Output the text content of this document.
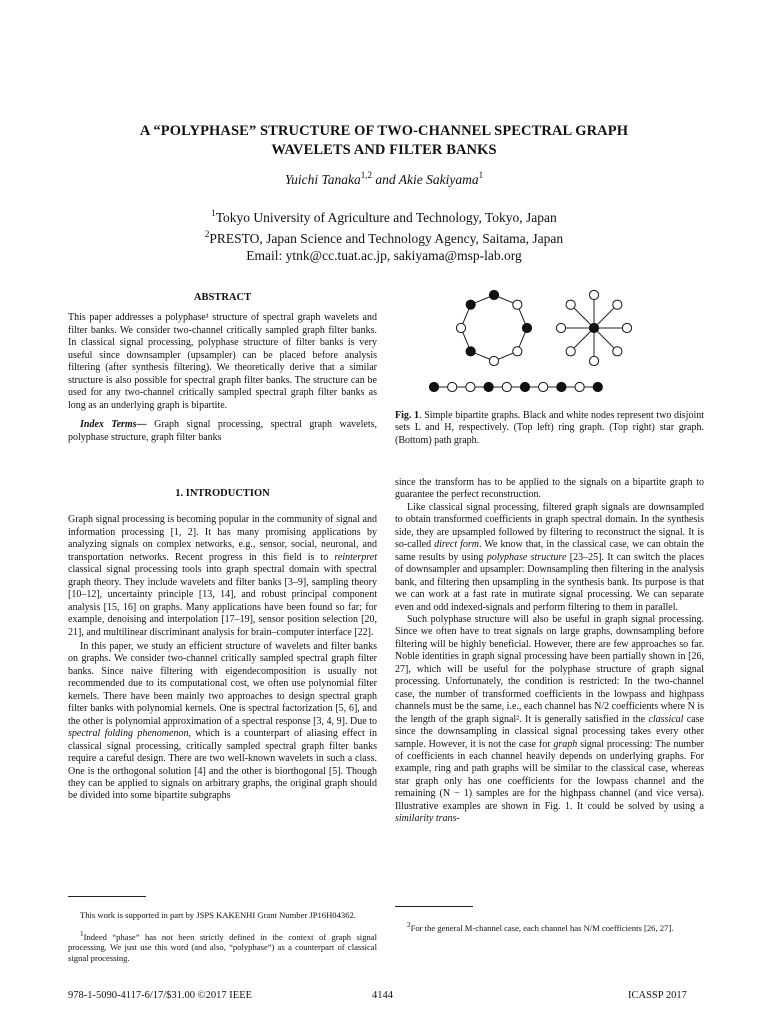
A “POLYPHASE” STRUCTURE OF TWO-CHANNEL SPECTRAL GRAPH
WAVELETS AND FILTER BANKS
Yuichi Tanaka$^{1,2}$ and Akie Sakiyama$^1$
$^1$Tokyo University of Agriculture and Technology, Tokyo, Japan
$^2$PRESTO, Japan Science and Technology Agency, Saitama, Japan
Email: ytnk@cc.tuat.ac.jp, sakiyama@msp-lab.org
ABSTRACT

This paper addresses a polyphase¹ structure of spectral graph wavelets and filter banks. We consider two-channel critically sampled graph filter banks. In classical signal processing, polyphase structure of filter banks is very useful since downsampler (upsampler) can be placed before analysis filtering (after synthesis filtering). We theoretically derive that a similar structure is also possible for spectral graph filter banks. The structure can be used for any two-channel critically sampled spectral graph filter banks as long as an underlying graph is bipartite.

Index Terms— Graph signal processing, spectral graph wavelets, polyphase structure, graph filter banks

1. INTRODUCTION

Graph signal processing is becoming popular in the community of signal and information processing [1, 2]. It has many promising applications by analyzing signals on complex networks, e.g., sensor, social, neuronal, and transportation networks. Recent progress in this field is to reinterpret classical signal processing tools into graph spectral domain with spectral graph theory. They include wavelets and filter banks [3–9], sampling theory [10–12], uncertainty principle [13, 14], and robust principal component analysis [15, 16] on graphs. Many applications have been found so far; for example, denoising and interpolation [17–19], sensor position selection [20, 21], and multilinear discriminant analysis for brain–computer interface [22].

In this paper, we study an efficient structure of wavelets and filter banks on graphs. We consider two-channel critically sampled spectral graph filter banks. Since naive filtering with eigendecomposition is usually not recommended due to its computational cost, we often use polynomial filter kernels. There have been mainly two approaches to design spectral graph filter banks with polynomial kernels. One is spectral factorization [5, 6], and the other is polynomial approximation of a spectral response [3, 4, 9]. Due to spectral folding phenomenon, which is a counterpart of aliasing effect in classical signal processing, critically sampled spectral graph filter banks require a careful design. There are two well-known wavelets in such a class. One is the orthogonal solution [4] and the other is biorthogonal [5]. Though they can be applied to signals on arbitrary graphs, the original graph should be divided into some bipartite subgraphs

This work is supported in part by JSPS KAKENHI Grant Number JP16H04362.

$^1$Indeed “phase” has not been strictly defined in the context of graph signal processing. We just use this word (and also, “polyphase”) as a counterpart of classical signal processing.

Fig. 1. Simple bipartite graphs. Black and white nodes represent two disjoint sets L and H, respectively. (Top left) ring graph. (Top right) star graph. (Bottom) path graph.

since the transform has to be applied to the signals on a bipartite graph to guarantee the perfect reconstruction.

Like classical signal processing, filtered graph signals are downsampled to obtain transformed coefficients in graph spectral domain. In the synthesis side, they are upsampled followed by filtering to reconstruct the signal. It is so-called direct form. We know that, in the classical case, we can obtain the same results by using polyphase structure [23–25]. It can switch the places of downsampler and upsampler: Downsampling then filtering in the analysis bank, and filtering then upsampling in the synthesis bank. Its purpose is that we can work at a fast rate in mutirate signal processing. We can separate even and odd indexed-signals and perform filtering to them in parallel.

Such polyphase structure will also be useful in graph signal processing. Since we often have to treat signals on large graphs, downsampling before filtering will be highly beneficial. However, there are few approaches so far. Noble identities in graph signal processing have been partially shown in [26, 27], which will be useful for the polyphase structure of graph signal processing. Unfortunately, the condition is restricted: In the two-channel case, the number of transformed coefficients in the lowpass and highpass channels must be the same, i.e., each channel has N/2 coefficients where N is the length of the graph signal². It is generally satisfied in the classical case since the downsampling in classical signal processing takes every other sample. However, it is not the case for graph signal processing: The number of coefficients in each channel heavily depends on underlying graphs. For example, ring and path graphs will be similar to the classical case, whereas star graph only has one coefficients for the lowpass channel and the remaining (N − 1) samples are for the highpass channel (and vice versa). Illustrative examples are shown in Fig. 1. It could be solved by using a similarity trans-

$^2$For the general M-channel case, each channel has N/M coefficients [26, 27].

978-1-5090-4117-6/17/$31.00 ©2017 IEEE	4144	ICASSP 2017
